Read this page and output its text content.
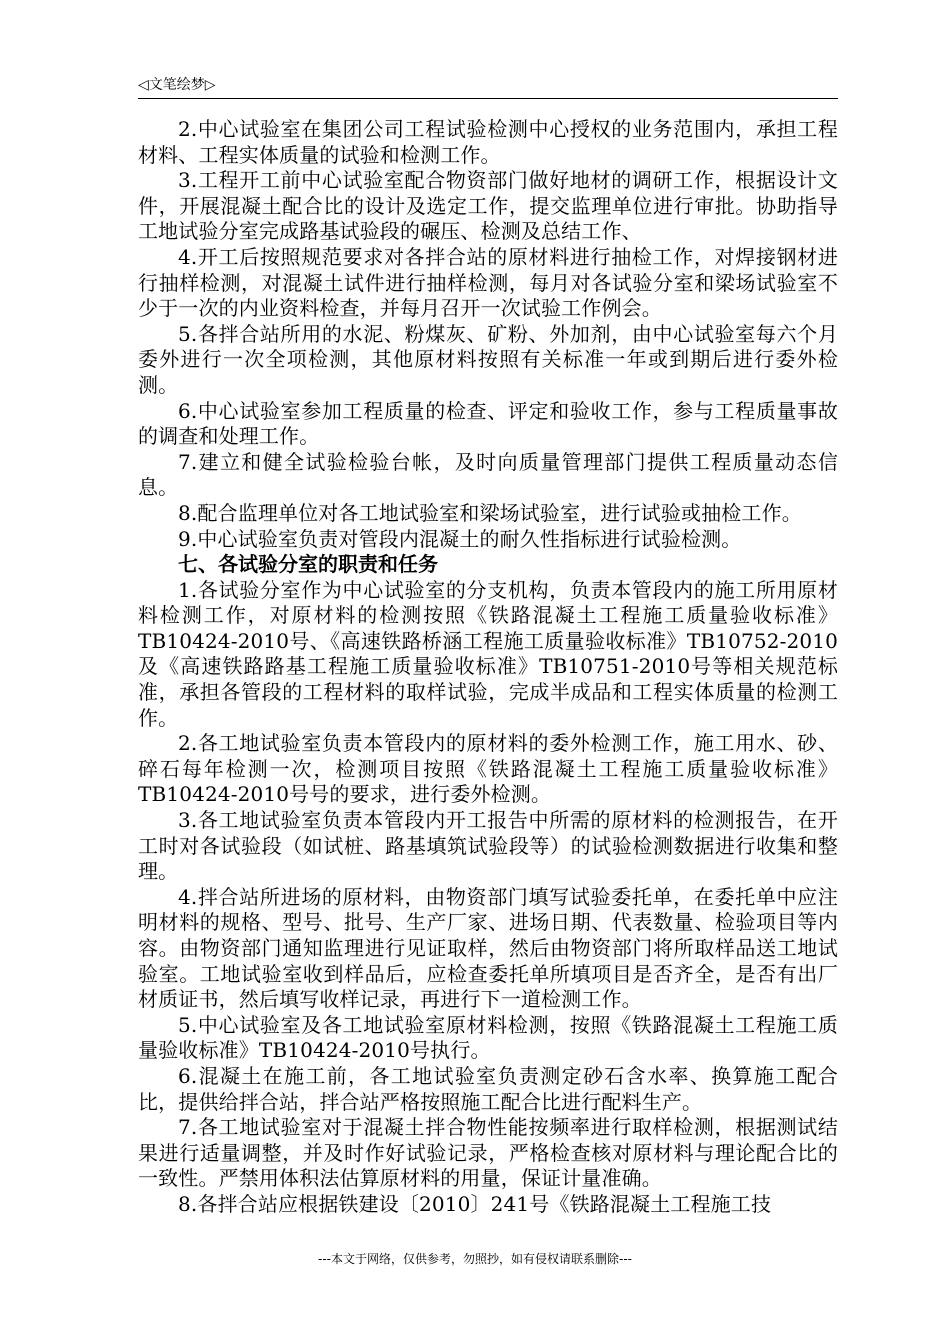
◁文笔绘梦▷

2.中心试验室在集团公司工程试验检测中心授权的业务范围内，承担工程材料、工程实体质量的试验和检测工作。

3.工程开工前中心试验室配合物资部门做好地材的调研工作，根据设计文件，开展混凝土配合比的设计及选定工作，提交监理单位进行审批。协助指导工地试验分室完成路基试验段的碾压、检测及总结工作、

4.开工后按照规范要求对各拌合站的原材料进行抽检工作，对焊接钢材进行抽样检测，对混凝土试件进行抽样检测，每月对各试验分室和梁场试验室不少于一次的内业资料检查，并每月召开一次试验工作例会。

5.各拌合站所用的水泥、粉煤灰、矿粉、外加剂，由中心试验室每六个月委外进行一次全项检测，其他原材料按照有关标准一年或到期后进行委外检测。

6.中心试验室参加工程质量的检查、评定和验收工作，参与工程质量事故的调查和处理工作。

7.建立和健全试验检验台帐，及时向质量管理部门提供工程质量动态信息。

8.配合监理单位对各工地试验室和梁场试验室，进行试验或抽检工作。

9.中心试验室负责对管段内混凝土的耐久性指标进行试验检测。

七、各试验分室的职责和任务

1.各试验分室作为中心试验室的分支机构，负责本管段内的施工所用原材料检测工作，对原材料的检测按照《铁路混凝土工程施工质量验收标准》TB10424-2010号、《高速铁路桥涵工程施工质量验收标准》TB10752-2010及《高速铁路路基工程施工质量验收标准》TB10751-2010号等相关规范标准，承担各管段的工程材料的取样试验，完成半成品和工程实体质量的检测工作。

2.各工地试验室负责本管段内的原材料的委外检测工作，施工用水、砂、碎石每年检测一次，检测项目按照《铁路混凝土工程施工质量验收标准》TB10424-2010号号的要求，进行委外检测。

3.各工地试验室负责本管段内开工报告中所需的原材料的检测报告，在开工时对各试验段（如试桩、路基填筑试验段等）的试验检测数据进行收集和整理。

4.拌合站所进场的原材料，由物资部门填写试验委托单，在委托单中应注明材料的规格、型号、批号、生产厂家、进场日期、代表数量、检验项目等内容。由物资部门通知监理进行见证取样，然后由物资部门将所取样品送工地试验室。工地试验室收到样品后，应检查委托单所填项目是否齐全，是否有出厂材质证书，然后填写收样记录，再进行下一道检测工作。

5.中心试验室及各工地试验室原材料检测，按照《铁路混凝土工程施工质量验收标准》TB10424-2010号执行。

6.混凝土在施工前，各工地试验室负责测定砂石含水率、换算施工配合比，提供给拌合站，拌合站严格按照施工配合比进行配料生产。

7.各工地试验室对于混凝土拌合物性能按频率进行取样检测，根据测试结果进行适量调整，并及时作好试验记录，严格检查核对原材料与理论配合比的一致性。严禁用体积法估算原材料的用量，保证计量准确。

8.各拌合站应根据铁建设〔2010〕241号《铁路混凝土工程施工技

---本文于网络，仅供参考，勿照抄，如有侵权请联系删除---
